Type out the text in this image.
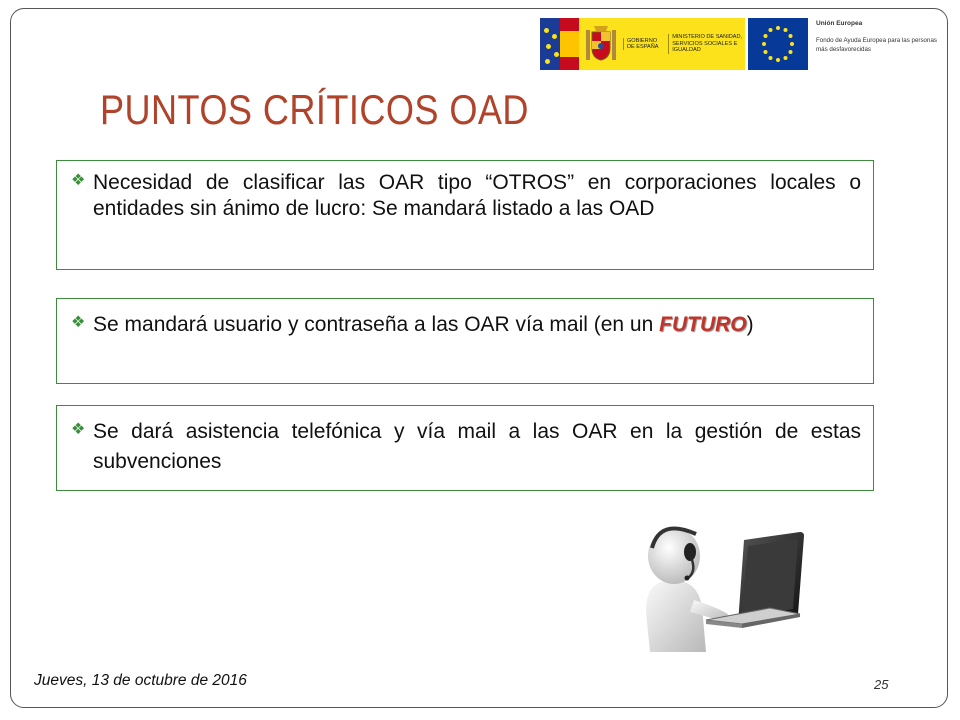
GOBIERNO DE ESPAÑA
MINISTERIO DE SANIDAD, SERVICIOS SOCIALES E IGUALDAD
Unión Europea
Fondo de Ayuda Europea para las personas más desfavorecidas
PUNTOS CRÍTICOS OAD
❖ Necesidad de clasificar las OAR tipo “OTROS” en corporaciones locales o entidades sin ánimo de lucro: Se mandará listado a las OAD
❖ Se mandará usuario y contraseña a las OAR vía mail (en un FUTURO)
❖ Se dará asistencia telefónica y vía mail a las OAR en la gestión de estas subvenciones
Jueves, 13 de octubre de 2016	25
